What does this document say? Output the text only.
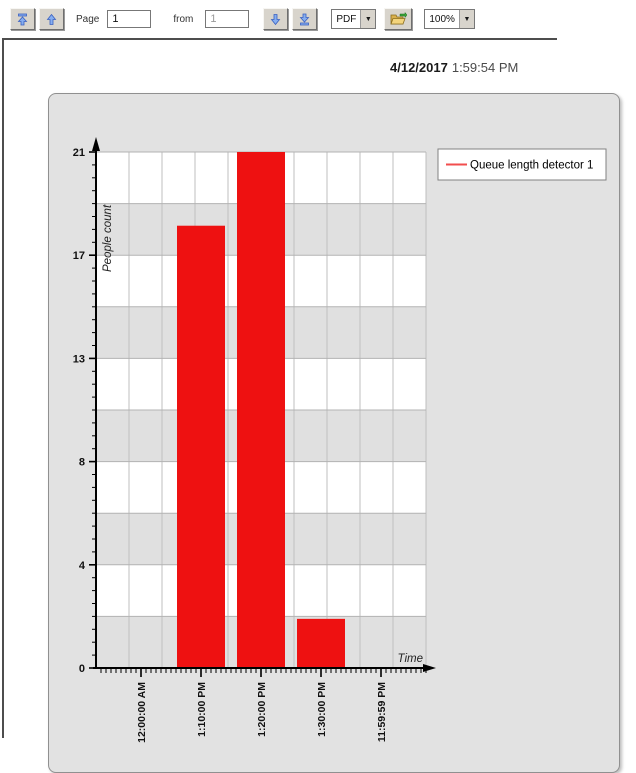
Page
1	from
1	PDF	▼	100%	▼
4/12/2017 1:59:54 PM
0
4
8
13
17
21
12:00:00 AM	1:10:00 PM	1:20:00 PM	1:30:00 PM	11:59:59 PM
People count
Time
Queue length detector 1
